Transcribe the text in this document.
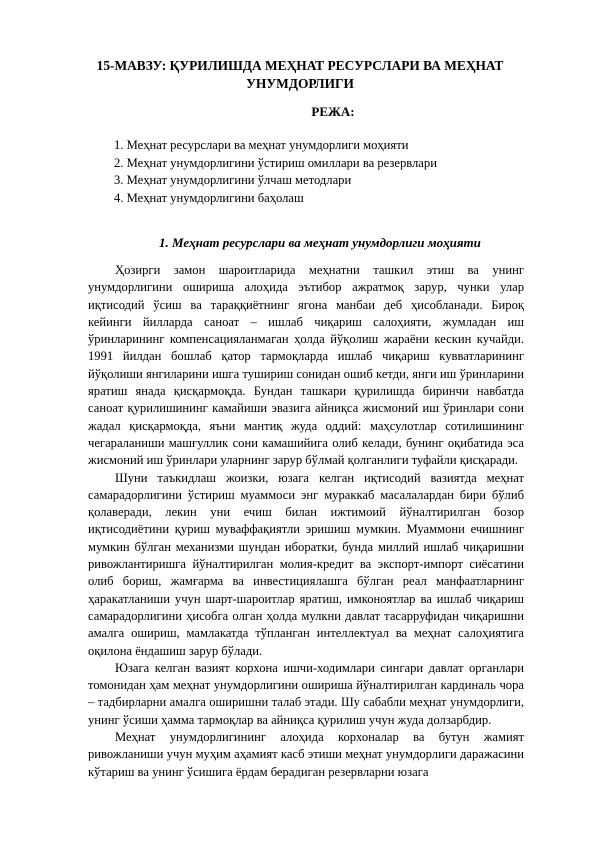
15-МАВЗУ: ҚУРИЛИШДА МЕҲНАТ РЕСУРСЛАРИ ВА МЕҲНАТ
УНУМДОРЛИГИ
РЕЖА:
1. Меҳнат ресурслари ва меҳнат унумдорлиги моҳияти
2. Меҳнат унумдорлигини ўстириш омиллари ва резервлари
3. Меҳнат унумдорлигини ўлчаш методлари
4. Меҳнат унумдорлигини баҳолаш
1. Меҳнат ресурслари ва меҳнат унумдорлиги моҳияти

Ҳозирги замон шароитларида меҳнатни ташкил этиш ва унинг унумдорлигини ошириша алоҳида эътибор ажратмоқ зарур, чунки улар иқтисодий ўсиш ва тараққиётнинг ягона манбаи деб ҳисобланади. Бироқ кейинги йилларда саноат – ишлаб чиқариш салоҳияти, жумладан иш ўринларининг компенсацияланмаган ҳолда йўқолиш жараёни кескин кучайди. 1991 йилдан бошлаб қатор тармоқларда ишлаб чиқариш кувватларининг йўқолиши янгиларини ишга тушириш сонидан ошиб кетди, янги иш ўринларини яратиш янада қисқармоқда. Бундан ташкари қурилишда биринчи навбатда саноат қурилишининг камайиши эвазига айниқса жисмоний иш ўринлари сони жадал қисқармоқда, яъни мантиқ жуда оддий: маҳсулотлар сотилишининг чегараланиши машғуллик сони камашийига олиб келади, бунинг оқибатида эса жисмоний иш ўринлари уларнинг зарур бўлмай қолганлиги туфайли қисқаради.

Шуни таъкидлаш жоизки, юзага келган иқтисодий вазиятда меҳнат самарадорлигини ўстириш муаммоси энг мураккаб масалалардан бири бўлиб қолаверади, лекин уни ечиш билан ижтимоий йўналтирилган бозор иқтисодиётини қуриш муваффақиятли эришиш мумкин. Муаммони ечишнинг мумкин бўлган механизми шундан иборатки, бунда миллий ишлаб чиқаришни ривожлантиришга йўналтирилган молия-кредит ва экспорт-импорт сиёсатини олиб бориш, жамғарма ва инвестициялашга бўлган реал манфаатларнинг ҳаракатланиши учун шарт-шароитлар яратиш, имконоятлар ва ишлаб чиқариш самарадорлигини ҳисобга олган ҳолда мулкни давлат тасарруфидан чиқаришни амалга ошириш, мамлакатда тўпланган интеллектуал ва меҳнат салоҳиятига оқилона ёндашиш зарур бўлади.

Юзага келган вазият корхона ишчи-ходимлари сингари давлат органлари томонидан ҳам меҳнат унумдорлигини ошириша йўналтирилган кардиналь чора – тадбирларни амалга оширишни талаб этади. Шу сабабли меҳнат унумдорлиги, унинг ўсиши ҳамма тармоқлар ва айниқса қурилиш учун жуда долзарбдир.

Меҳнат унумдорлигининг алоҳида корхоналар ва бутун жамият ривожланиши учун муҳим аҳамият касб этиши меҳнат унумдорлиги даражасини кўтариш ва унинг ўсишига ёрдам берадиган резервларни юзага
